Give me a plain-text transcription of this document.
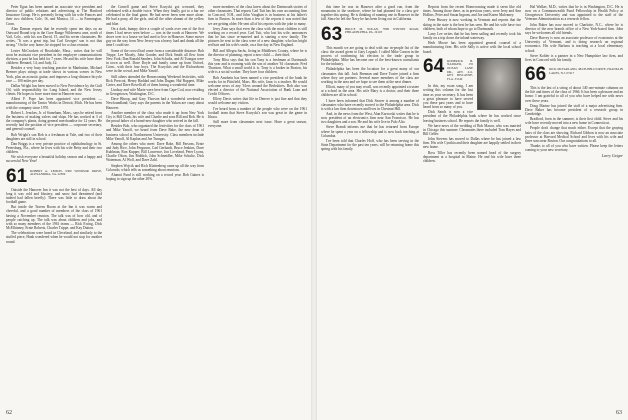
Peter Egan has been named an associate vice president and director of public relations and advertising at The Hartford Insurance Group. He is presently living with his wife Frances and their two children, Cole, 16, and Monica, 14 — in Farmington, Conn.

Alan Damon reports that he recently spent ten days on an Outward Bound trip in the Gore Range Wilderness area, north of Vail, Colo., with his son David, 15, and his seven classmates. He writes, "It was a great trip, but Carl Georges' son is not that strong." On the way home, he stopped for a class reunion.

Lester McCracken of Brookdale, Mass., writes that he will soon be assistant vice president in the employee communications division, a post he has held for 7 years. He and his wife have three children: Bernard, 14, and Judy, 12.

Besides a very busy teaching practice in Manhattan, Michael Bremer plays strings at trade shows in various scenes in New York, plus an acoustic guitar, and imposes a long-distance bicycle race — 100 miles per day.

Dallas Wright has been moved to New Providence by the Gulf Oil, with responsibility for Long Island, and the New Jersey clients. He hopes to have more time in Hanover now.

Albert F. Pope has been appointed vice president — manufacturing of the Tantco Works in Detroit, Mich. He has been with the company since 1970.

Robert L. Jenckes, Jr. of Stoneham, Mass., says he retired from the business of making valves and ships. He has worked at 3 of the company's plants, doing general merchandise for 12 years. He recently had the position of vice president — corporate secretary, and general counsel.

Bob Wright's son Bob is a freshman at Yale, and two of their daughters are still in school.

Dan Briggs is a very private practice of ophthalmology in St. Petersburg, Fla., where he lives with his wife Betty and their two children.

We wish everyone a beautiful holiday season and a happy and successful New Year!

61 ROBERT A. LEMON, 9300 WINDSOR DRIVE, ALEXANDRIA, VA. 22309

Outside the Hanover Inn it was not the best of days. All day long it was cold and blustery, and snow had threatened (and indeed had fallen briefly). There was little to draw about the football game.

But inside the Tavern Room at the Inn it was warm and cheerful, and a good number of members of the class of 1961 having a November reunion. The talk was of how old, and of people catching up. The talk was about children and jobs, and with so many members of the 1961 teams — Rick Ewing, Dick McElhinney, Ernie Roberts, Charles Trippe, and Kay Dutton.

The celebrations were heard in Cleveland, and similarly to the stuffed piece, Hank wondered when he would not stop for another round.

the Cornell game and Steve Kozycki got crowned, they celebrated with a double twice. When they finally got to a bar we celebrated in the final game. He had never been seen more alone. He had a pony, all the girls, and all the other alumni of the yellow and blue.

On a dark, bumpy drive a couple of yards over one of the first times I had never seen before — was in the roads at Hanover. We drove over to a house we had used to live in Hanover. Some mover guy on the way from New Jersey was a heavy load and drank all the time I could see.

Some of the crowd had come from a considerable distance: Bob Trippe, Lee Moody, John Gonder, and Dick Smith all flew from New York; Dan Ronald Sanders, John Schultz, and Al Tsongas were in town as well. Dave Doyle and family came up from Oxford, Conn., with their four boys. The Kozyckis and the Richardsons were in the crowd, and Mike Yanolf.

Still others attended the Homecoming Weekend festivities, with Rick Prescott, Henry Haddad and John Dugan; Hal Ruppert, Mike Carter, and Dave Rovelli all of them having a wonderful time.

Lindsay and wife Marie were here from Cape Cod, now residing in Georgetown, Washington, D.C.

Dave Bhoop, and Gary Thorson had a wonderful weekend in Newfoundland; Gary says the parents in the Yukon are crazy about Hanover.

Another member of the class who made it up from New York City is Bill Clark, his wife and Charlie and sons Bill and Bob. He is the proud father of a brand-new daughter who arrived in the fall.

Besides Bob, who organized the festivities for the class of 1961 and Mike Yanolf, we heard from Dave Bake, the new dean of business school at Northeastern University. Class members include Mike Yanolf, Al Kaplan and Joe Tsongas.

Among the others who meet: Dave Bake, Bill Parsons, Ernie and Judy Rice, John Ferguson, Carl Gerhardt, Bruce Jenkins, Dave Kuhlman, Ron Kupper, Bill Lawrence, Jon Loveland, Peter Lyons, Charlie Olson, Jim Riddick, John Schneidler, Mike Schultz, Dick Waterman, Al Wolf, and Dave Zahl.

Stephen Wojcik and Rich Klattenberg came up all the way from Colorado, which tells us something about reunions.

Alumni Fund is still working on a record year. Bob Gaines is hoping to sign up the other 20%.

more members of the class knew about the Dartmouth stories of other classmates. That reports Carl Tutt has his own accounting firm in Concord, N.H., and John Vaughan is in business at his father's firm in Boston. In more than a few of the reports it was noted that we are getting older. He sent all of his reports with the joke to many.

Jerry Zinn says that even the class with the most children is still working on a record year. Carl Tutt, who lost his wife, announces that he has since re-married and is starting a new family. The pictures he sent to the class were of a new daughter, who has bright red hair and his wife's smile, on a fine day in New England.

Bill and Allegra Sachs, living in Middlesex County, where he is the director of planning, report a new child — their third.

Tony Bliss says that his son Tony is a freshman at Dartmouth this year and is rooming with the son of another '61 classmate, Fred Thurston. What a small world it is. Tony is a broker in Boston, his wife is a social worker. They have four children.

Bob Amrhein has been named a vice president of the bank he works for in Pittsfield, Mass. His wife, Jane, is a teacher. He would welcome news of any '61ers around the Berkshires. Bob also was elected a director of the National Association of Bank Loan and Credit Officers.

Ellery Davis writes that life in Denver is just fine and that they would welcome any visitors.

I've heard from a number of the people who were on the 1961 football team that Steve Kozycki's son was great in the game in Ithaca.

Still more from classmates next issue. Have a great season, everyone.

62

this time he was in Hanover after a good run, from the mountains to the seashore, where he had planned for a class get-together this spring. He is thinking of running one in Hanover in the fall. Since he left the Navy he has been living out in California.

63 BRUCE M. NOLAN, 7809 WINTON ROAD, PHILADELPHIA, PA. 19118

This month we are going to deal with our in-people list of the class: the award given to Gary Legault. I called Mike Carson in the process of confirming his election to the trade group in Philadelphia. Mike has become one of the best-known consultants for the industry.

Philadelphia has been the location for a great many of our classmates this fall. Jack Brennan and Dave Tozier joined a firm where they are partners. Several more members of the class are working in the area and we hope to see them at the next dinner.

Elliott, many of you may recall, was recently appointed a trustee at a school in the area. His wife Mary is a doctor, and their three children are all in school.

I have been informed that Dick Seaver is among a number of classmates who have recently moved to the Philadelphia area. Dick is with a law firm downtown and lives in Chestnut Hill.

And, in the news from the West, Alan Karwoski writes that he is now president of an electronics firm near San Francisco. He has two daughters and a son. He and his wife live in Palo Alto.

Steve Brandt informs me that he has returned from Europe where he spent a year on a fellowship and is now back teaching at Columbia.

I've been told that Charles Hoff, who has been serving in the State Department for the past ten years, will be returning home this spring with his family.

Reports from the recent Homecoming made it seem like old times. Among those there, as in previous years, were Jerry and Ann Hollins, Peter and Susan Ingram, and Joe and Karen Mulvaney.

Peter Hussey is now working in Vermont and reports that the skiing in the state is the best he has seen. He and his wife have two children, both of whom hope to go to Dartmouth.

Larry Lee writes that he has been sailing and recently took his family on a trip down the inland waterway.

Herb Moore has been appointed general counsel of a manufacturing firm. His wife Sally is active with the local school board.

64 RODERICK B. NADIGER, 135 OCEAN LANE DR., APT. 411, KEY BISCAYNE, FLA. 33149

In this, my swan song, I am writing this column for the last time as your secretary. It has been a great pleasure to have served you these past years and to have heard from so many of you.

Dick Sands is now a vice president of the Philadelphia bank where he has worked since leaving business school. He reports the family is well.

We have news of the wedding of Bob Mason, who was married in Chicago this summer. Classmates there included Tom Hayes and Bill Geller.

John Stevens has moved to Dallas where he has joined a law firm. His wife Cynthia and their daughter are happily settled in their new home.

Ross Tiller has recently been named head of the surgery department at a hospital in Maine. He and his wife have three children.

Hal Walker, M.D., writes that he is in Washington, D.C. He is now on a Commonwealth Fund Fellowship in Health Policy at Georgetown University and was appointed to the staff of the Veterans Administration as a research fellow.

John Baker has now moved to Charlotte, N.C., where he is director of the new branch office of a New York-based firm. John says he welcomes all old friends.

Dave Harvey is now an associate professor of economics at the University of Vermont, and is doing research on regional economics. His wife Barbara is teaching at a local elementary school.

Steve Kohler is a partner in a New Hampshire law firm, and lives in Concord with his family.

66 RICK MCFARLAND, 484 PUEBLO DRIVE, FRANKLIN LAKES, N.J. 07417

This is the last of a string of about 140 one-minute columns on the life and times of the class of 1966. It has been a pleasure and an honor. I am grateful to all of you who have helped me with news over these years.

Doug Marine has joined the staff of a major advertising firm. Dave Baker has become president of a research group in Cambridge.

Bradford, born in the summer, is their first child. Steve and his wife have recently moved into a new home in Connecticut.

People don't change that much either. Except that the graying hairs of the class are showing. Richard Gibbon is now an associate professor at Harvard Medical School and lives with his wife and three sons near Boston. Our congratulations to all.

Thanks to all of you who have written. Please keep the letters coming to your new secretary.

Larry Geiger
63
